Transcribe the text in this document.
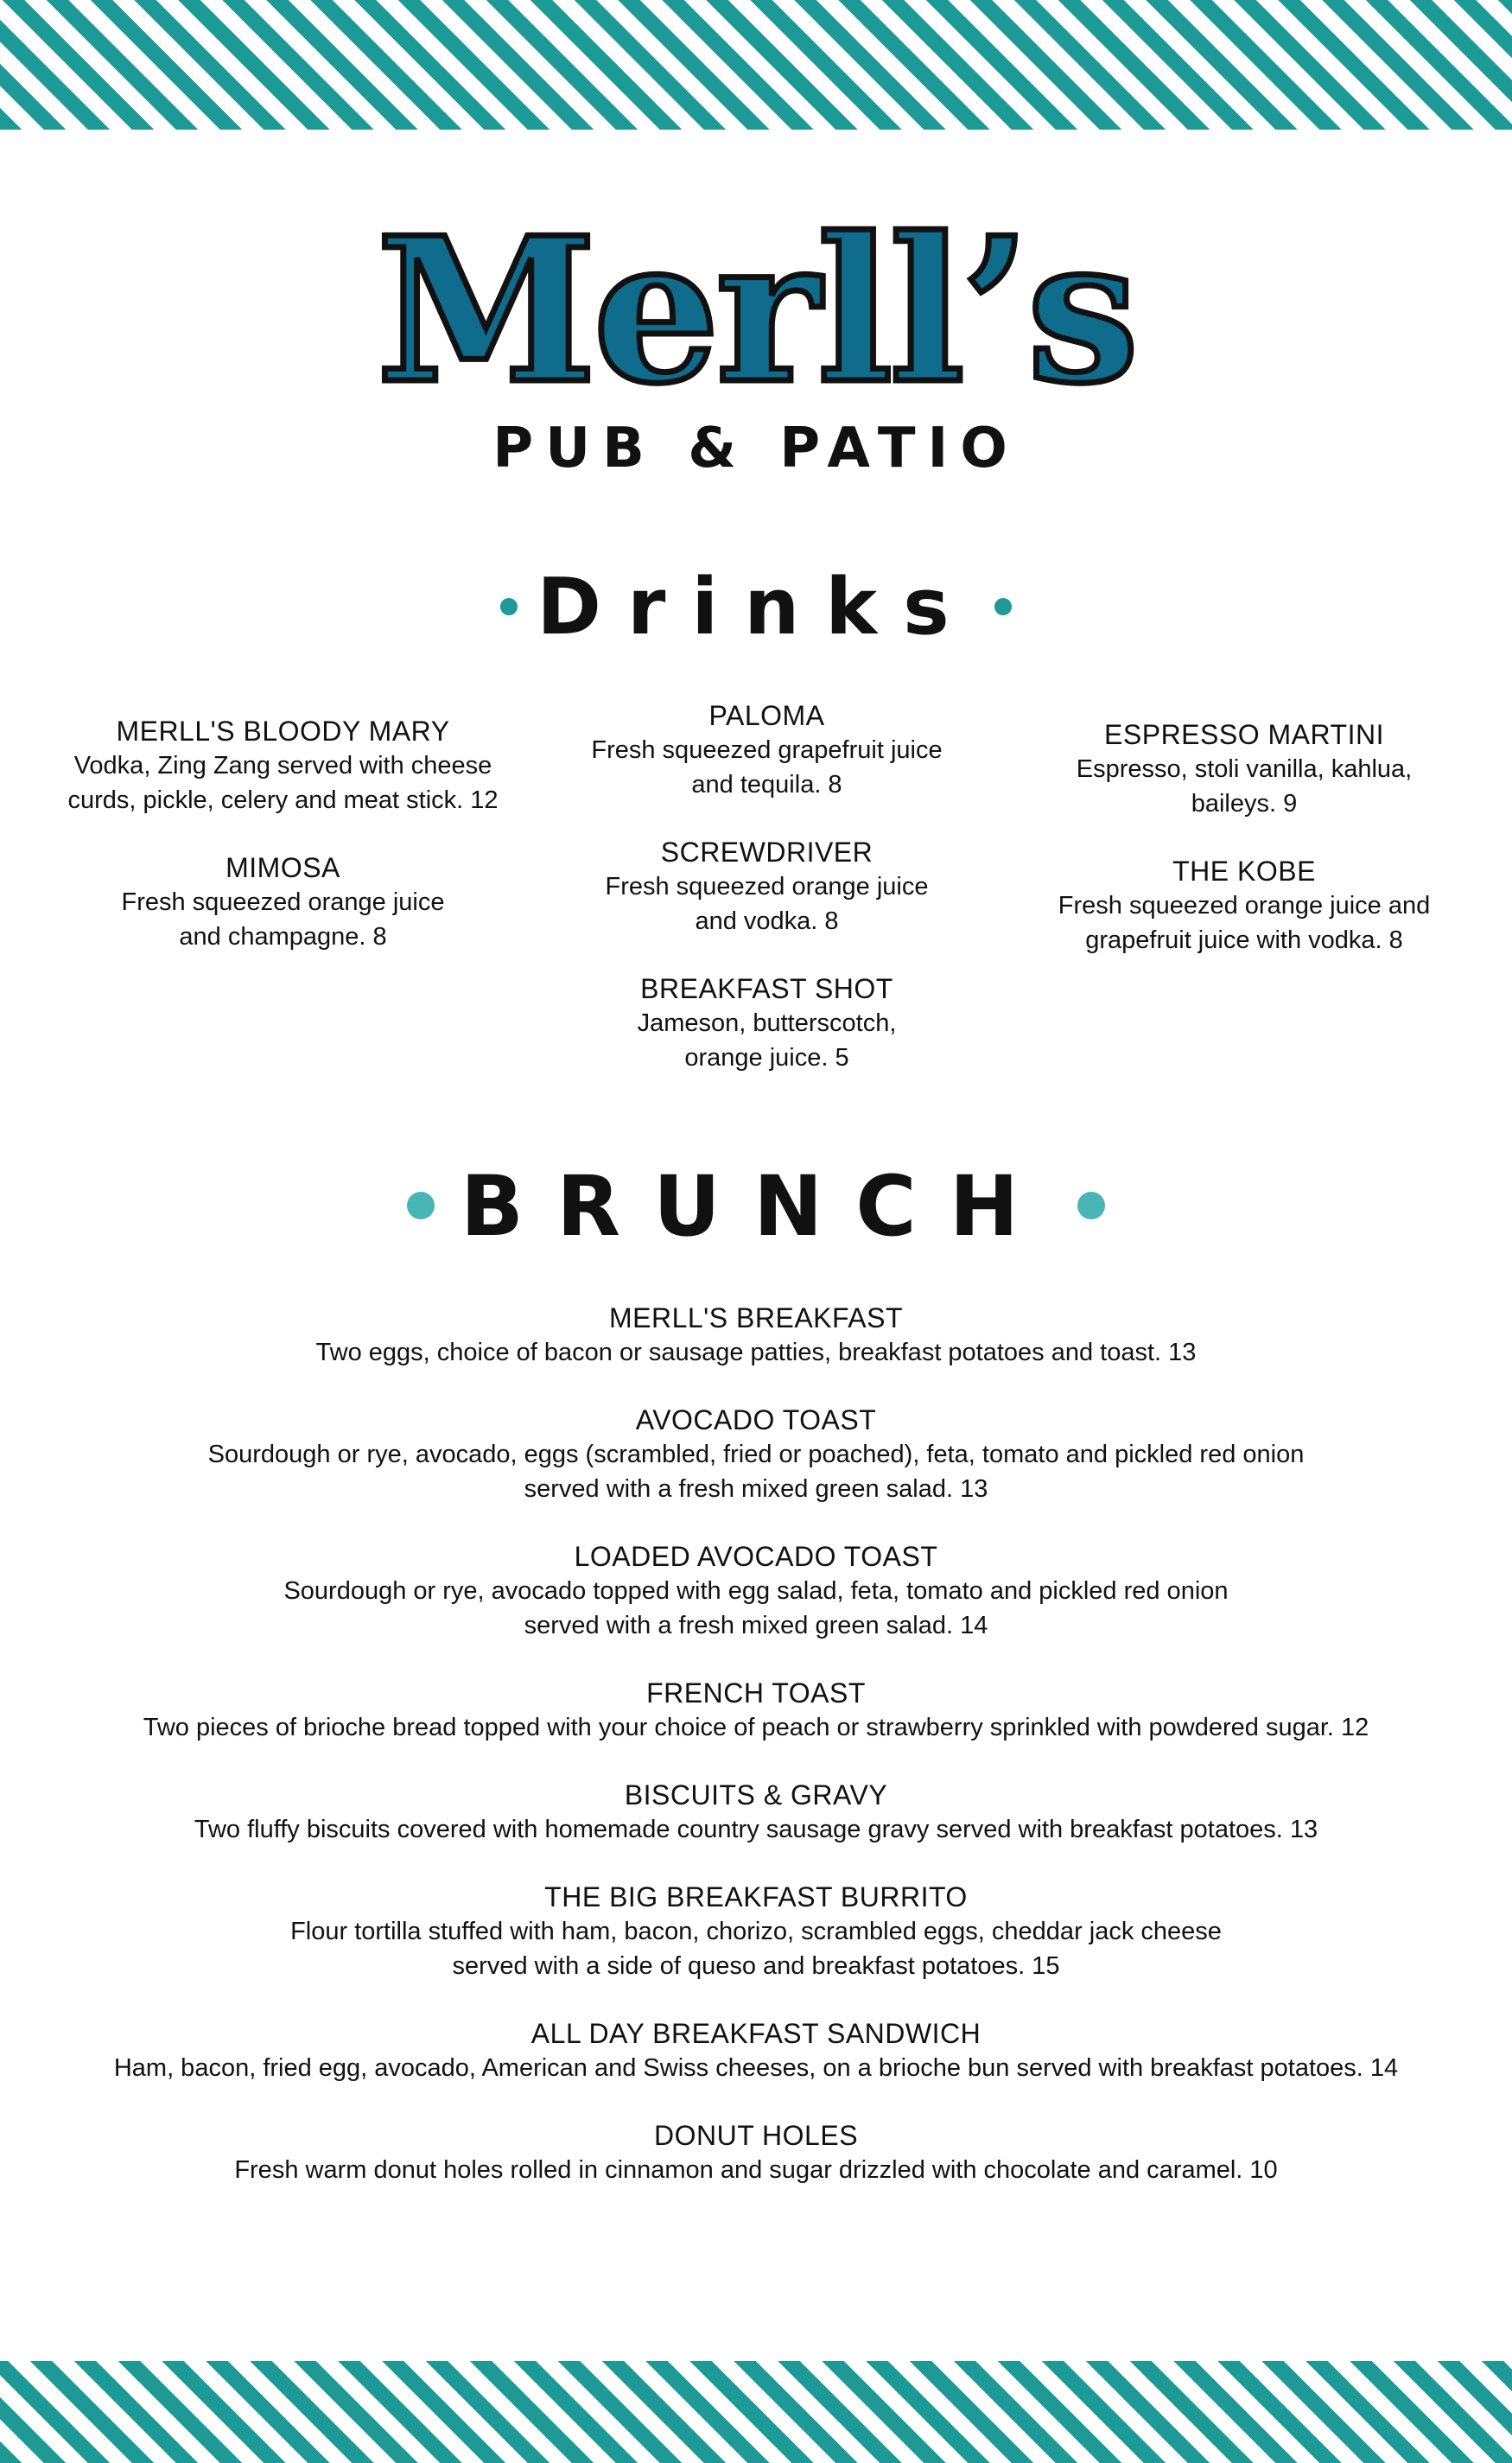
Merll’s
PUB & PATIO
Drinks
MERLL'S BLOODY MARY
Vodka, Zing Zang served with cheese
curds, pickle, celery and meat stick. 12
MIMOSA
Fresh squeezed orange juice
and champagne. 8
PALOMA
Fresh squeezed grapefruit juice
and tequila. 8
SCREWDRIVER
Fresh squeezed orange juice
and vodka. 8
BREAKFAST SHOT
Jameson, butterscotch,
orange juice. 5
ESPRESSO MARTINI
Espresso, stoli vanilla, kahlua,
baileys. 9
THE KOBE
Fresh squeezed orange juice and
grapefruit juice with vodka. 8
BRUNCH
MERLL'S BREAKFAST
Two eggs, choice of bacon or sausage patties, breakfast potatoes and toast. 13
AVOCADO TOAST
Sourdough or rye, avocado, eggs (scrambled, fried or poached), feta, tomato and pickled red onion
served with a fresh mixed green salad. 13
LOADED AVOCADO TOAST
Sourdough or rye, avocado topped with egg salad, feta, tomato and pickled red onion
served with a fresh mixed green salad. 14
FRENCH TOAST
Two pieces of brioche bread topped with your choice of peach or strawberry sprinkled with powdered sugar. 12
BISCUITS & GRAVY
Two fluffy biscuits covered with homemade country sausage gravy served with breakfast potatoes. 13
THE BIG BREAKFAST BURRITO
Flour tortilla stuffed with ham, bacon, chorizo, scrambled eggs, cheddar jack cheese
served with a side of queso and breakfast potatoes. 15
ALL DAY BREAKFAST SANDWICH
Ham, bacon, fried egg, avocado, American and Swiss cheeses, on a brioche bun served with breakfast potatoes. 14
DONUT HOLES
Fresh warm donut holes rolled in cinnamon and sugar drizzled with chocolate and caramel. 10
